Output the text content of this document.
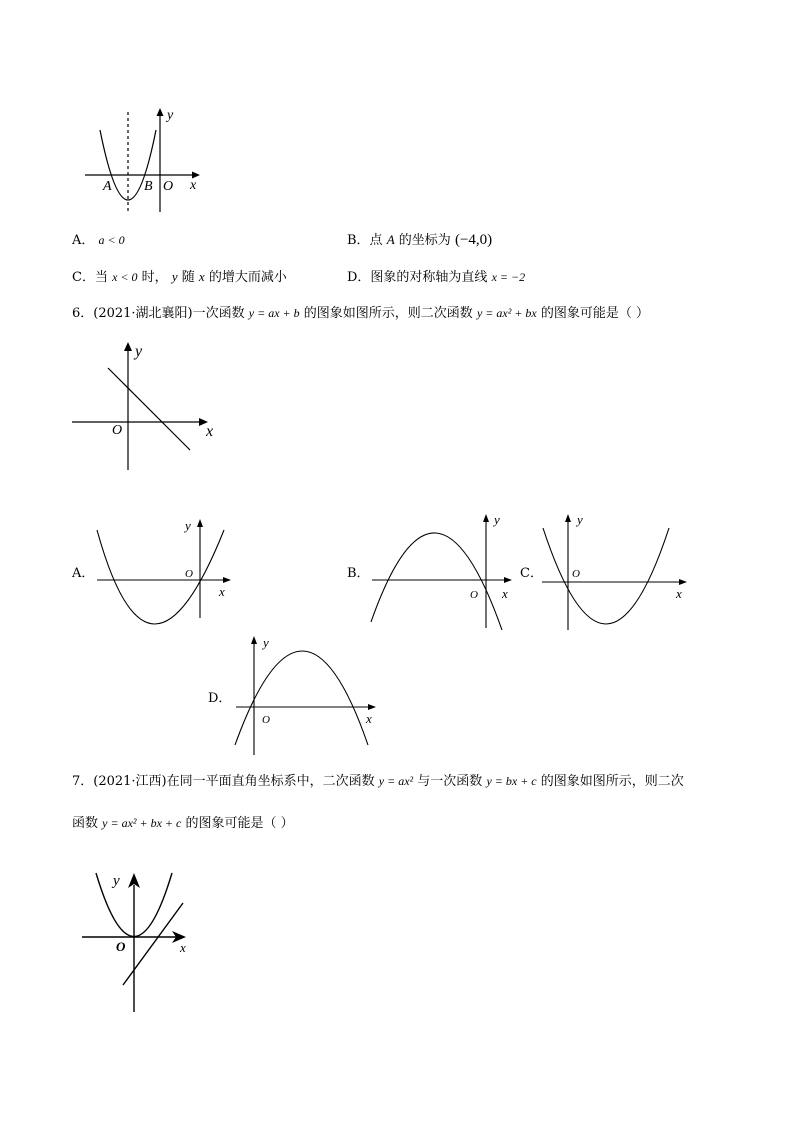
y
x
A B O
A． a < 0	B．点 A 的坐标为 (−4,0)
C．当 x < 0 时， y 随 x 的增大而减小	D．图象的对称轴为直线 x = −2
6．(2021·湖北襄阳)一次函数 y = ax + b 的图象如图所示，则二次函数 y = ax² + bx 的图象可能是（ ）
y
x
O
A．	B．	C．
D．
y
O
x
y
O x
y
O
x
y
O	x
7．(2021·江西)在同一平面直角坐标系中，二次函数 y = ax² 与一次函数 y = bx + c 的图象如图所示，则二次
函数 y = ax² + bx + c 的图象可能是（ ）
y
O	x
